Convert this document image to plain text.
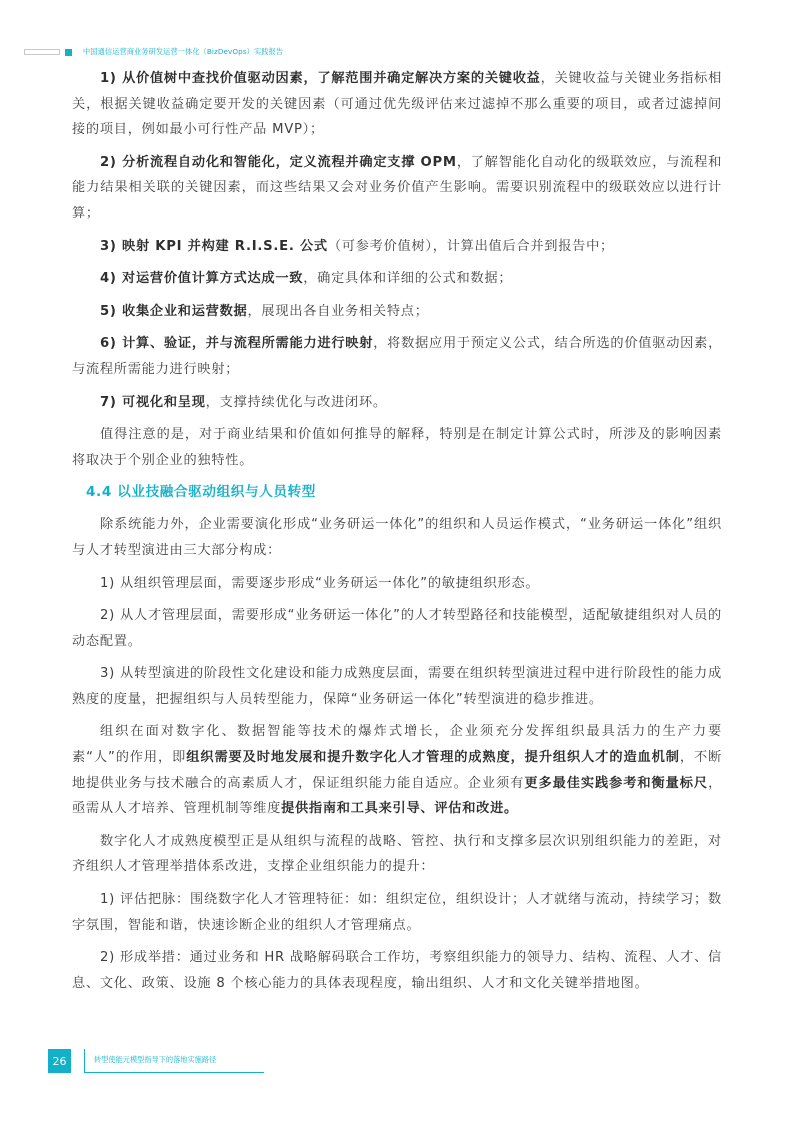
中国通信运营商业务研发运营一体化（BizDevOps）实践报告

1) 从价值树中查找价值驱动因素，了解范围并确定解决方案的关键收益，关键收益与关键业务指标相关，根据关键收益确定要开发的关键因素（可通过优先级评估来过滤掉不那么重要的项目，或者过滤掉间接的项目，例如最小可行性产品 MVP）；

2) 分析流程自动化和智能化，定义流程并确定支撑 OPM，了解智能化自动化的级联效应，与流程和能力结果相关联的关键因素，而这些结果又会对业务价值产生影响。需要识别流程中的级联效应以进行计算；

3) 映射 KPI 并构建 R.I.S.E. 公式（可参考价值树），计算出值后合并到报告中；

4) 对运营价值计算方式达成一致，确定具体和详细的公式和数据；

5) 收集企业和运营数据，展现出各自业务相关特点；

6) 计算、验证，并与流程所需能力进行映射，将数据应用于预定义公式，结合所选的价值驱动因素，与流程所需能力进行映射；

7) 可视化和呈现，支撑持续优化与改进闭环。

值得注意的是，对于商业结果和价值如何推导的解释，特别是在制定计算公式时，所涉及的影响因素将取决于个别企业的独特性。

4.4 以业技融合驱动组织与人员转型

除系统能力外，企业需要演化形成“业务研运一体化”的组织和人员运作模式，“业务研运一体化”组织与人才转型演进由三大部分构成：

1) 从组织管理层面，需要逐步形成“业务研运一体化”的敏捷组织形态。

2) 从人才管理层面，需要形成“业务研运一体化”的人才转型路径和技能模型，适配敏捷组织对人员的动态配置。

3) 从转型演进的阶段性文化建设和能力成熟度层面，需要在组织转型演进过程中进行阶段性的能力成熟度的度量，把握组织与人员转型能力，保障“业务研运一体化”转型演进的稳步推进。

组织在面对数字化、数据智能等技术的爆炸式增长，企业须充分发挥组织最具活力的生产力要素“人”的作用，即组织需要及时地发展和提升数字化人才管理的成熟度，提升组织人才的造血机制，不断地提供业务与技术融合的高素质人才，保证组织能力能自适应。企业须有更多最佳实践参考和衡量标尺，亟需从人才培养、管理机制等维度提供指南和工具来引导、评估和改进。

数字化人才成熟度模型正是从组织与流程的战略、管控、执行和支撑多层次识别组织能力的差距，对齐组织人才管理举措体系改进，支撑企业组织能力的提升：

1) 评估把脉：围绕数字化人才管理特征：如：组织定位，组织设计；人才就绪与流动，持续学习；数字氛围，智能和谐，快速诊断企业的组织人才管理痛点。

2) 形成举措：通过业务和 HR 战略解码联合工作坊，考察组织能力的领导力、结构、流程、人才、信息、文化、政策、设施 8 个核心能力的具体表现程度，输出组织、人才和文化关键举措地图。

26	转型使能元模型指导下的落地实施路径
